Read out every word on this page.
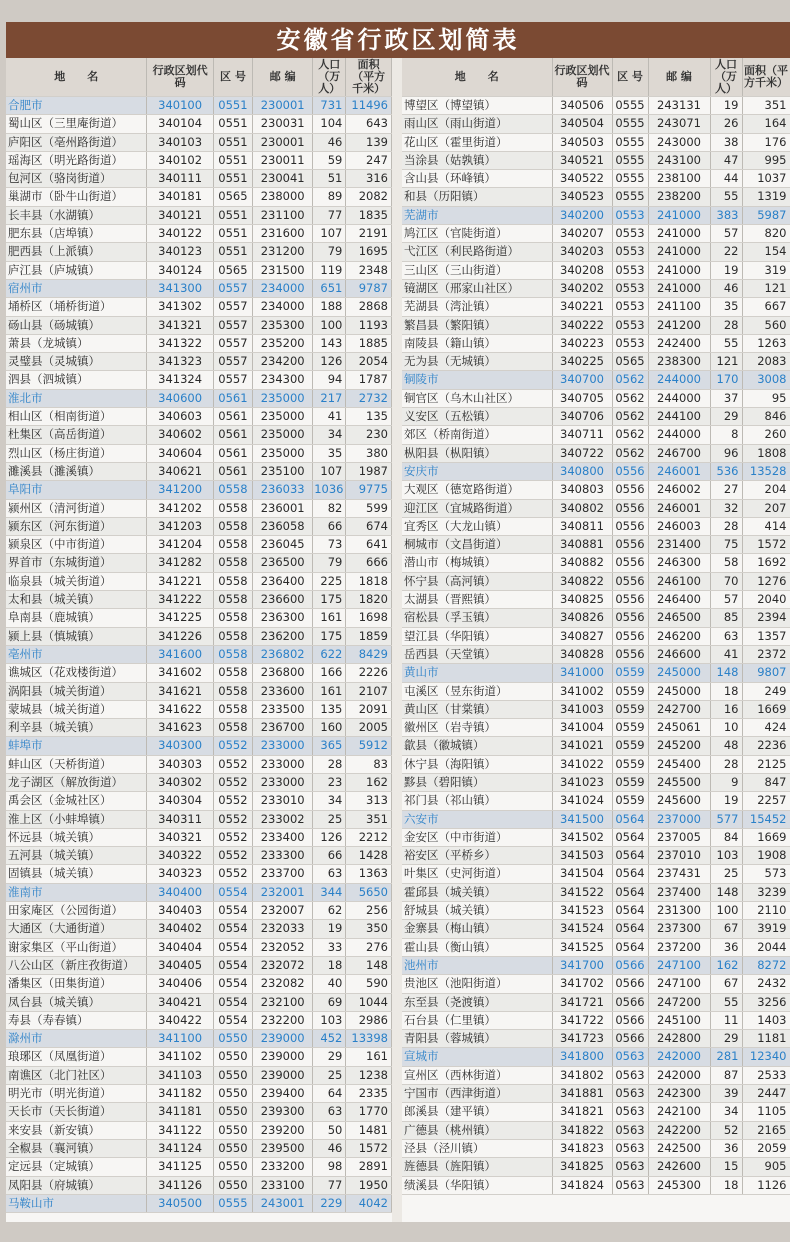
安徽省行政区划简表
地　　名	行政区划代码	区 号	邮 编	人口（万人）	面积（平方千米）
合肥市	340100	0551	230001	731	11496
蜀山区（三里庵街道）	340104	0551	230031	104	643
庐阳区（亳州路街道）	340103	0551	230001	46	139
瑶海区（明光路街道）	340102	0551	230011	59	247
包河区（骆岗街道）	340111	0551	230041	51	316
巢湖市（卧牛山街道）	340181	0565	238000	89	2082
长丰县（水湖镇）	340121	0551	231100	77	1835
肥东县（店埠镇）	340122	0551	231600	107	2191
肥西县（上派镇）	340123	0551	231200	79	1695
庐江县（庐城镇）	340124	0565	231500	119	2348
宿州市	341300	0557	234000	651	9787
埇桥区（埇桥街道）	341302	0557	234000	188	2868
砀山县（砀城镇）	341321	0557	235300	100	1193
萧县（龙城镇）	341322	0557	235200	143	1885
灵璧县（灵城镇）	341323	0557	234200	126	2054
泗县（泗城镇）	341324	0557	234300	94	1787
淮北市	340600	0561	235000	217	2732
相山区（相南街道）	340603	0561	235000	41	135
杜集区（高岳街道）	340602	0561	235000	34	230
烈山区（杨庄街道）	340604	0561	235000	35	380
濉溪县（濉溪镇）	340621	0561	235100	107	1987
阜阳市	341200	0558	236033	1036	9775
颍州区（清河街道）	341202	0558	236001	82	599
颍东区（河东街道）	341203	0558	236058	66	674
颍泉区（中市街道）	341204	0558	236045	73	641
界首市（东城街道）	341282	0558	236500	79	666
临泉县（城关街道）	341221	0558	236400	225	1818
太和县（城关镇）	341222	0558	236600	175	1820
阜南县（鹿城镇）	341225	0558	236300	161	1698
颍上县（慎城镇）	341226	0558	236200	175	1859
亳州市	341600	0558	236802	622	8429
谯城区（花戏楼街道）	341602	0558	236800	166	2226
涡阳县（城关街道）	341621	0558	233600	161	2107
蒙城县（城关街道）	341622	0558	233500	135	2091
利辛县（城关镇）	341623	0558	236700	160	2005
蚌埠市	340300	0552	233000	365	5912
蚌山区（天桥街道）	340303	0552	233000	28	83
龙子湖区（解放街道）	340302	0552	233000	23	162
禹会区（金城社区）	340304	0552	233010	34	313
淮上区（小蚌埠镇）	340311	0552	233002	25	351
怀远县（城关镇）	340321	0552	233400	126	2212
五河县（城关镇）	340322	0552	233300	66	1428
固镇县（城关镇）	340323	0552	233700	63	1363
淮南市	340400	0554	232001	344	5650
田家庵区（公园街道）	340403	0554	232007	62	256
大通区（大通街道）	340402	0554	232033	19	350
谢家集区（平山街道）	340404	0554	232052	33	276
八公山区（新庄孜街道）	340405	0554	232072	18	148
潘集区（田集街道）	340406	0554	232082	40	590
凤台县（城关镇）	340421	0554	232100	69	1044
寿县（寿春镇）	340422	0554	232200	103	2986
滁州市	341100	0550	239000	452	13398
琅琊区（凤凰街道）	341102	0550	239000	29	161
南谯区（北门社区）	341103	0550	239000	25	1238
明光市（明光街道）	341182	0550	239400	64	2335
天长市（天长街道）	341181	0550	239300	63	1770
来安县（新安镇）	341122	0550	239200	50	1481
全椒县（襄河镇）	341124	0550	239500	46	1572
定远县（定城镇）	341125	0550	233200	98	2891
凤阳县（府城镇）	341126	0550	233100	77	1950
马鞍山市	340500	0555	243001	229	4042
地　　名	行政区划代码	区 号	邮 编	人口（万人）	面积（平方千米）
博望区（博望镇）	340506	0555	243131	19	351
雨山区（雨山街道）	340504	0555	243071	26	164
花山区（霍里街道）	340503	0555	243000	38	176
当涂县（姑孰镇）	340521	0555	243100	47	995
含山县（环峰镇）	340522	0555	238100	44	1037
和县（历阳镇）	340523	0555	238200	55	1319
芜湖市	340200	0553	241000	383	5987
鸠江区（官陡街道）	340207	0553	241000	57	820
弋江区（利民路街道）	340203	0553	241000	22	154
三山区（三山街道）	340208	0553	241000	19	319
镜湖区（邢家山社区）	340202	0553	241000	46	121
芜湖县（湾沚镇）	340221	0553	241100	35	667
繁昌县（繁阳镇）	340222	0553	241200	28	560
南陵县（籍山镇）	340223	0553	242400	55	1263
无为县（无城镇）	340225	0565	238300	121	2083
铜陵市	340700	0562	244000	170	3008
铜官区（乌木山社区）	340705	0562	244000	37	95
义安区（五松镇）	340706	0562	244100	29	846
郊区（桥南街道）	340711	0562	244000	8	260
枞阳县（枞阳镇）	340722	0562	246700	96	1808
安庆市	340800	0556	246001	536	13528
大观区（德宽路街道）	340803	0556	246002	27	204
迎江区（宜城路街道）	340802	0556	246001	32	207
宜秀区（大龙山镇）	340811	0556	246003	28	414
桐城市（文昌街道）	340881	0556	231400	75	1572
潜山市（梅城镇）	340882	0556	246300	58	1692
怀宁县（高河镇）	340822	0556	246100	70	1276
太湖县（晋熙镇）	340825	0556	246400	57	2040
宿松县（孚玉镇）	340826	0556	246500	85	2394
望江县（华阳镇）	340827	0556	246200	63	1357
岳西县（天堂镇）	340828	0556	246600	41	2372
黄山市	341000	0559	245000	148	9807
屯溪区（昱东街道）	341002	0559	245000	18	249
黄山区（甘棠镇）	341003	0559	242700	16	1669
徽州区（岩寺镇）	341004	0559	245061	10	424
歙县（徽城镇）	341021	0559	245200	48	2236
休宁县（海阳镇）	341022	0559	245400	28	2125
黟县（碧阳镇）	341023	0559	245500	9	847
祁门县（祁山镇）	341024	0559	245600	19	2257
六安市	341500	0564	237000	577	15452
金安区（中市街道）	341502	0564	237005	84	1669
裕安区（平桥乡）	341503	0564	237010	103	1908
叶集区（史河街道）	341504	0564	237431	25	573
霍邱县（城关镇）	341522	0564	237400	148	3239
舒城县（城关镇）	341523	0564	231300	100	2110
金寨县（梅山镇）	341524	0564	237300	67	3919
霍山县（衡山镇）	341525	0564	237200	36	2044
池州市	341700	0566	247100	162	8272
贵池区（池阳街道）	341702	0566	247100	67	2432
东至县（尧渡镇）	341721	0566	247200	55	3256
石台县（仁里镇）	341722	0566	245100	11	1403
青阳县（蓉城镇）	341723	0566	242800	29	1181
宣城市	341800	0563	242000	281	12340
宣州区（西林街道）	341802	0563	242000	87	2533
宁国市（西津街道）	341881	0563	242300	39	2447
郎溪县（建平镇）	341821	0563	242100	34	1105
广德县（桃州镇）	341822	0563	242200	52	2165
泾县（泾川镇）	341823	0563	242500	36	2059
旌德县（旌阳镇）	341825	0563	242600	15	905
绩溪县（华阳镇）	341824	0563	245300	18	1126
